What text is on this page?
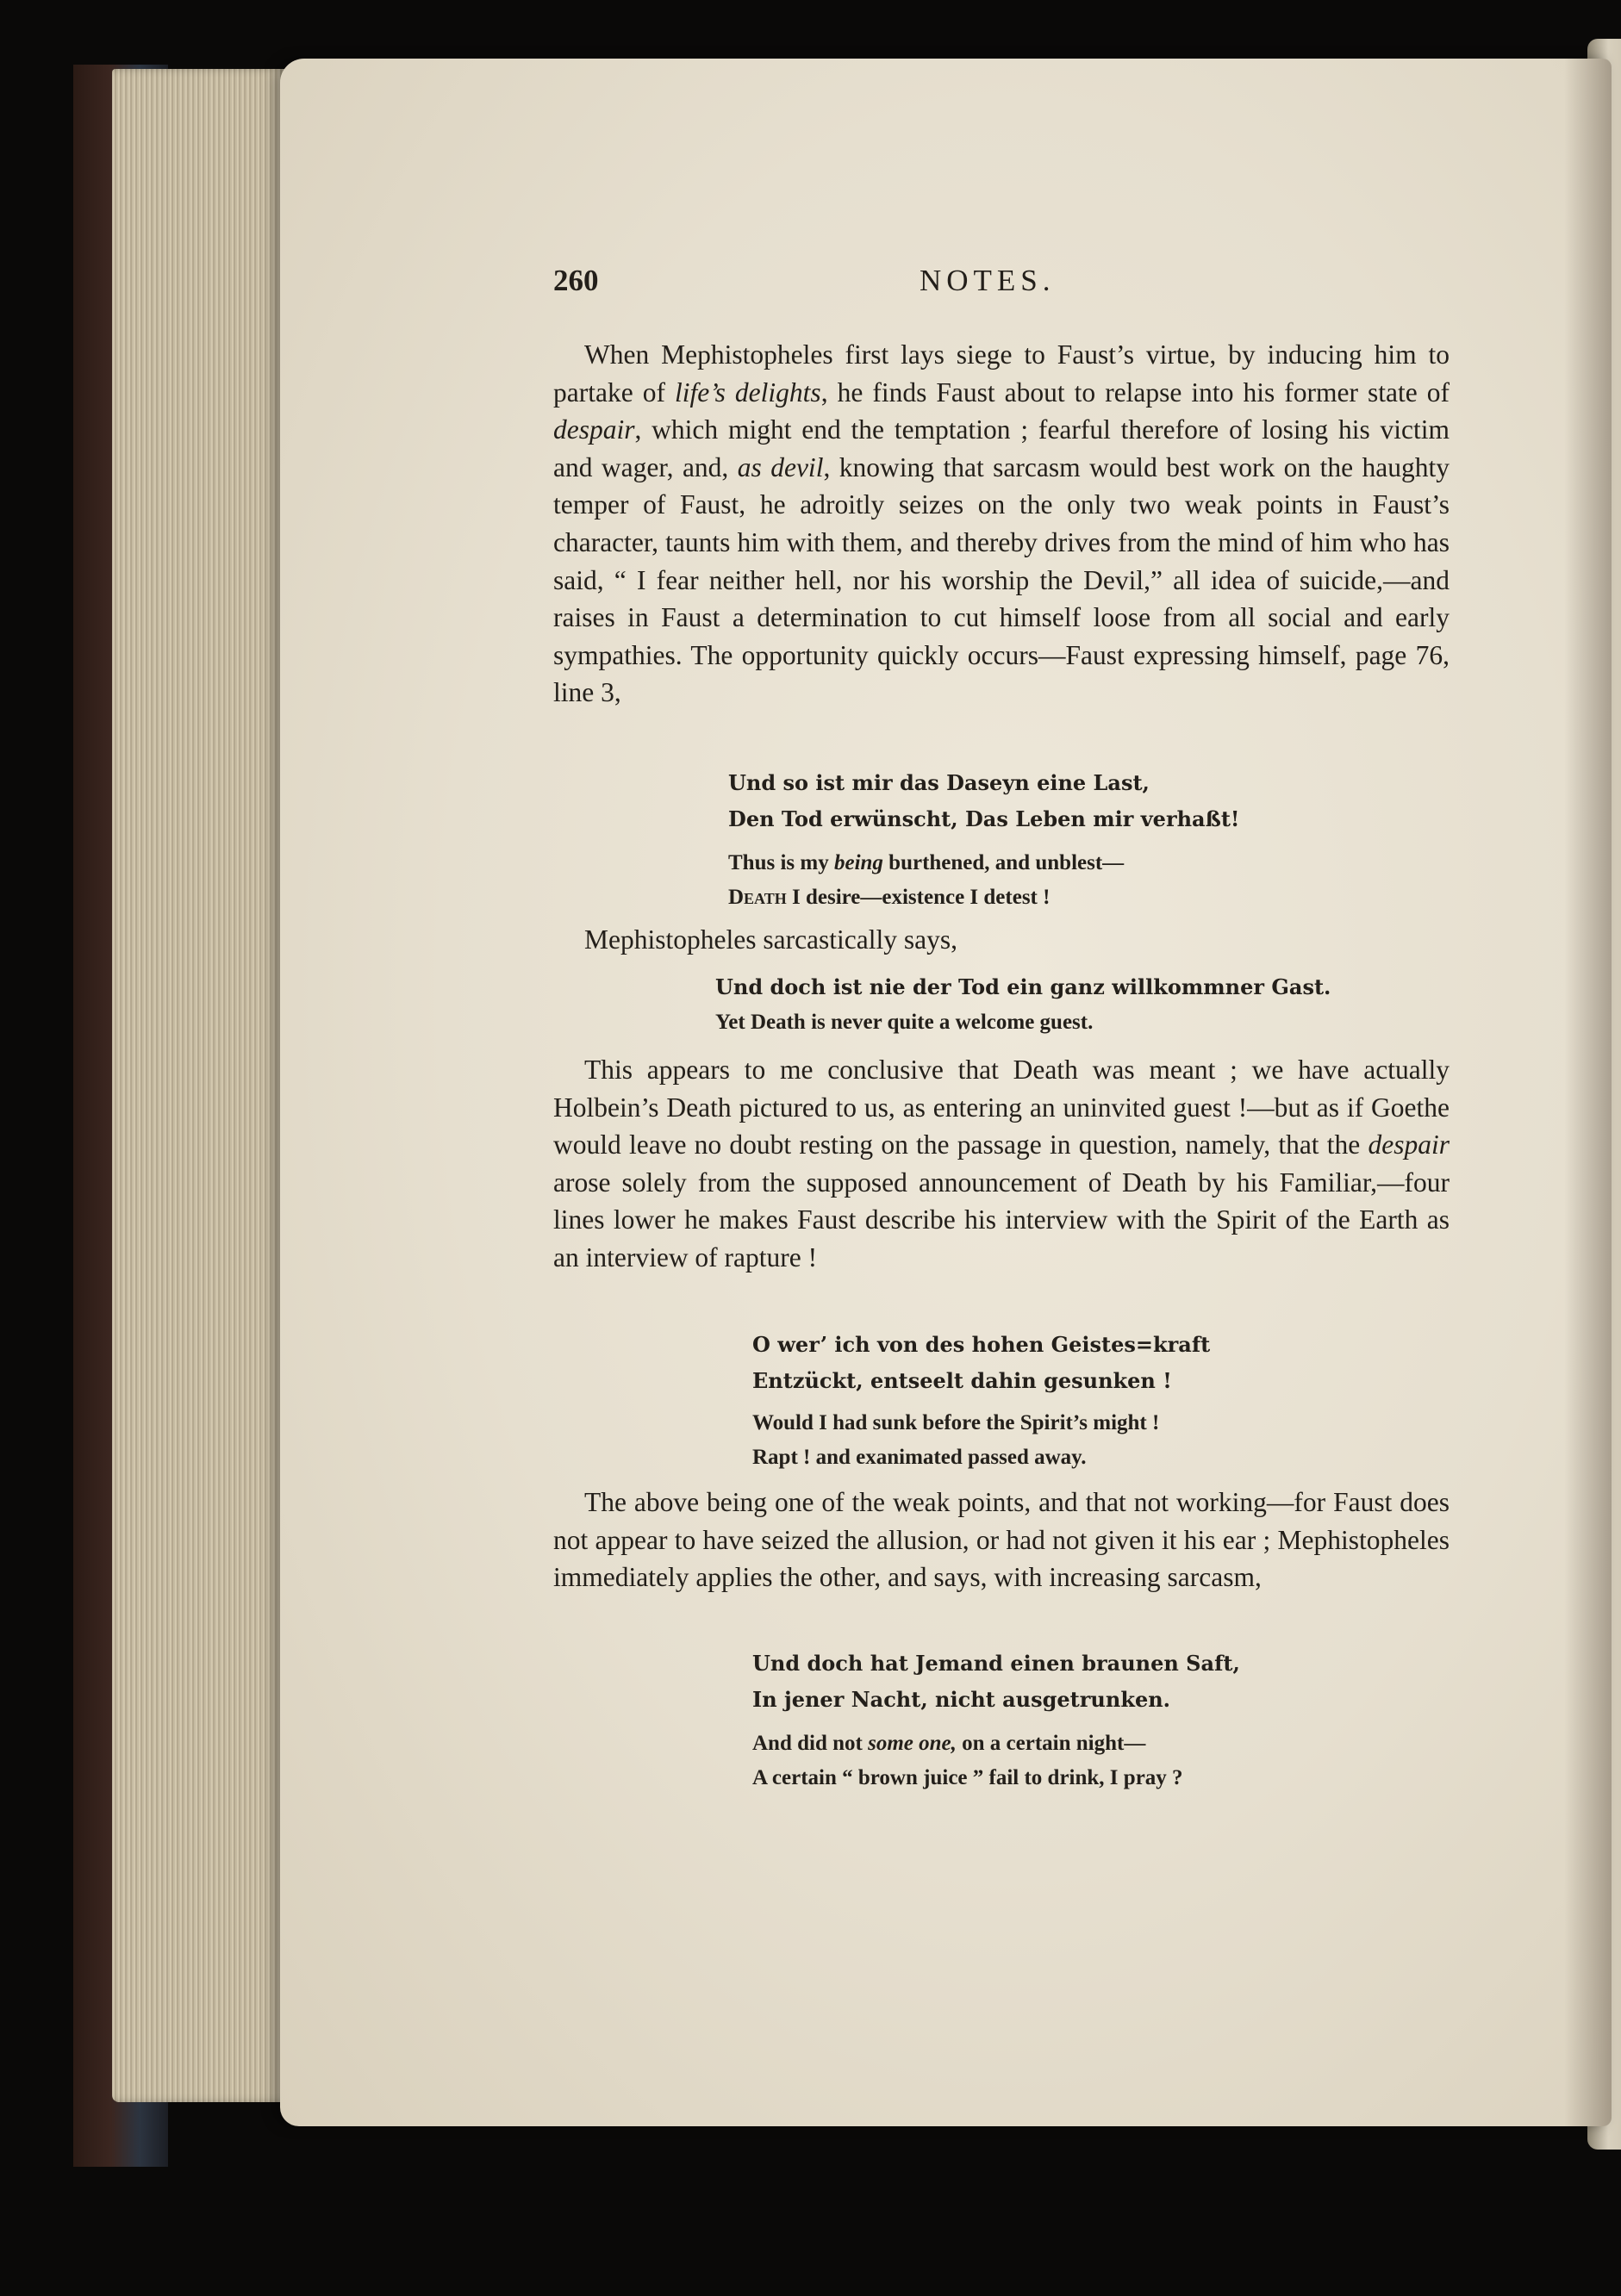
260	NOTES.

When Mephistopheles first lays siege to Faust’s virtue, by inducing him to partake of life’s delights, he finds Faust about to relapse into his former state of despair, which might end the temptation ; fearful therefore of losing his victim and wager, and, as devil, knowing that sarcasm would best work on the haughty temper of Faust, he adroitly seizes on the only two weak points in Faust’s character, taunts him with them, and thereby drives from the mind of him who has said, “ I fear neither hell, nor his worship the Devil,” all idea of suicide,—and raises in Faust a determination to cut himself loose from all social and early sympathies. The opportunity quickly occurs—Faust expressing himself, page 76, line 3,

Und so ist mir das Daseyn eine Last,
Den Tod erwünscht, Das Leben mir verhaßt!
Thus is my being burthened, and unblest—
Death I desire—existence I detest !

Mephistopheles sarcastically says,

Und doch ist nie der Tod ein ganz willkommner Gast.
Yet Death is never quite a welcome guest.

This appears to me conclusive that Death was meant ; we have actually Holbein’s Death pictured to us, as entering an uninvited guest !—but as if Goethe would leave no doubt resting on the passage in question, namely, that the despair arose solely from the supposed announcement of Death by his Familiar,—four lines lower he makes Faust describe his interview with the Spirit of the Earth as an interview of rapture !

O wer’ ich von des hohen Geistes=kraft
Entzückt, entseelt dahin gesunken !
Would I had sunk before the Spirit’s might !
Rapt ! and exanimated passed away.

The above being one of the weak points, and that not working—for Faust does not appear to have seized the allusion, or had not given it his ear ; Mephistopheles immediately applies the other, and says, with increasing sarcasm,

Und doch hat Jemand einen braunen Saft,
In jener Nacht, nicht ausgetrunken.
And did not some one, on a certain night—
A certain “ brown juice ” fail to drink, I pray ?
